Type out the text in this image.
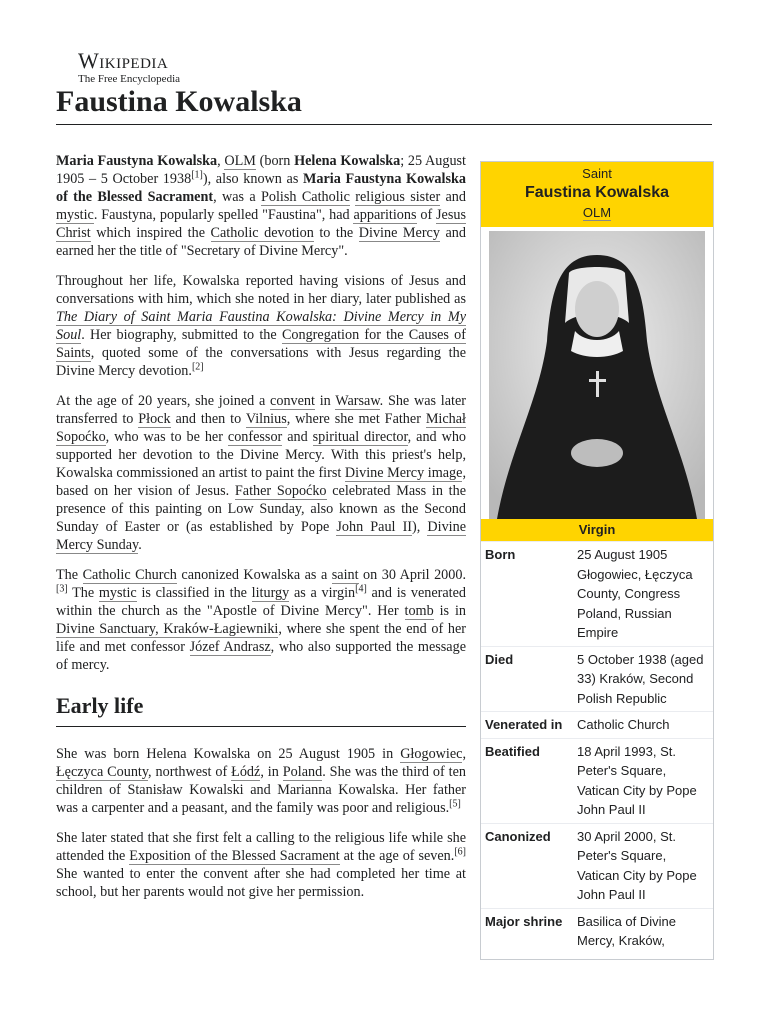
Wikipedia
The Free Encyclopedia
Faustina Kowalska

Maria Faustyna Kowalska, OLM (born Helena Kowalska; 25 August 1905 – 5 October 1938[1]), also known as Maria Faustyna Kowalska of the Blessed Sacrament, was a Polish Catholic religious sister and mystic. Faustyna, popularly spelled "Faustina", had apparitions of Jesus Christ which inspired the Catholic devotion to the Divine Mercy and earned her the title of "Secretary of Divine Mercy".

Throughout her life, Kowalska reported having visions of Jesus and conversations with him, which she noted in her diary, later published as The Diary of Saint Maria Faustina Kowalska: Divine Mercy in My Soul. Her biography, submitted to the Congregation for the Causes of Saints, quoted some of the conversations with Jesus regarding the Divine Mercy devotion.[2]

At the age of 20 years, she joined a convent in Warsaw. She was later transferred to Płock and then to Vilnius, where she met Father Michał Sopoćko, who was to be her confessor and spiritual director, and who supported her devotion to the Divine Mercy. With this priest's help, Kowalska commissioned an artist to paint the first Divine Mercy image, based on her vision of Jesus. Father Sopoćko celebrated Mass in the presence of this painting on Low Sunday, also known as the Second Sunday of Easter or (as established by Pope John Paul II), Divine Mercy Sunday.

The Catholic Church canonized Kowalska as a saint on 30 April 2000.[3] The mystic is classified in the liturgy as a virgin[4] and is venerated within the church as the "Apostle of Divine Mercy". Her tomb is in Divine Sanctuary, Kraków-Łagiewniki, where she spent the end of her life and met confessor Józef Andrasz, who also supported the message of mercy.

Early life

She was born Helena Kowalska on 25 August 1905 in Głogowiec, Łęczyca County, northwest of Łódź, in Poland. She was the third of ten children of Stanisław Kowalski and Marianna Kowalska. Her father was a carpenter and a peasant, and the family was poor and religious.[5]

She later stated that she first felt a calling to the religious life while she attended the Exposition of the Blessed Sacrament at the age of seven.[6] She wanted to enter the convent after she had completed her time at school, but her parents would not give her permission.

Saint
Faustina Kowalska
OLM
Virgin
Born	25 August 1905 Głogowiec, Łęczyca County, Congress Poland, Russian Empire
Died	5 October 1938 (aged 33) Kraków, Second Polish Republic
Venerated in	Catholic Church
Beatified	18 April 1993, St. Peter's Square, Vatican City by Pope John Paul II
Canonized	30 April 2000, St. Peter's Square, Vatican City by Pope John Paul II
Major shrine	Basilica of Divine Mercy, Kraków,
